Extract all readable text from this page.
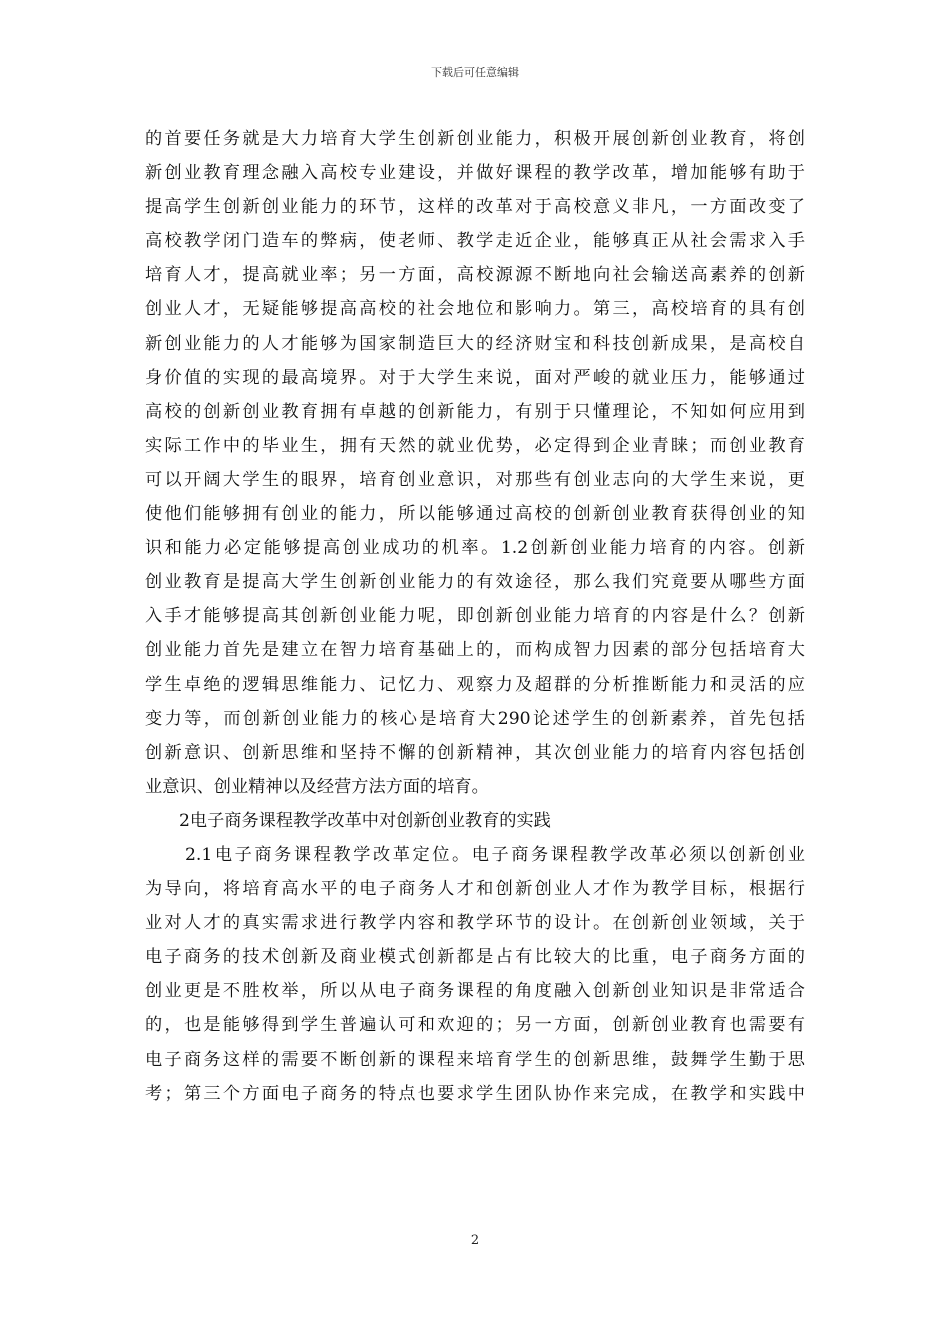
下载后可任意编辑
的首要任务就是大力培育大学生创新创业能力，积极开展创新创业教育，将创
新创业教育理念融入高校专业建设，并做好课程的教学改革，增加能够有助于
提高学生创新创业能力的环节，这样的改革对于高校意义非凡，一方面改变了
高校教学闭门造车的弊病，使老师、教学走近企业，能够真正从社会需求入手
培育人才，提高就业率；另一方面，高校源源不断地向社会输送高素养的创新
创业人才，无疑能够提高高校的社会地位和影响力。第三，高校培育的具有创
新创业能力的人才能够为国家制造巨大的经济财宝和科技创新成果，是高校自
身价值的实现的最高境界。对于大学生来说，面对严峻的就业压力，能够通过
高校的创新创业教育拥有卓越的创新能力，有别于只懂理论，不知如何应用到
实际工作中的毕业生，拥有天然的就业优势，必定得到企业青睐；而创业教育
可以开阔大学生的眼界，培育创业意识，对那些有创业志向的大学生来说，更
使他们能够拥有创业的能力，所以能够通过高校的创新创业教育获得创业的知
识和能力必定能够提高创业成功的机率。1.2创新创业能力培育的内容。创新
创业教育是提高大学生创新创业能力的有效途径，那么我们究竟要从哪些方面
入手才能够提高其创新创业能力呢，即创新创业能力培育的内容是什么？创新
创业能力首先是建立在智力培育基础上的，而构成智力因素的部分包括培育大
学生卓绝的逻辑思维能力、记忆力、观察力及超群的分析推断能力和灵活的应
变力等，而创新创业能力的核心是培育大290论述学生的创新素养，首先包括
创新意识、创新思维和坚持不懈的创新精神，其次创业能力的培育内容包括创
业意识、创业精神以及经营方法方面的培育。
2电子商务课程教学改革中对创新创业教育的实践
2.1电子商务课程教学改革定位。电子商务课程教学改革必须以创新创业
为导向，将培育高水平的电子商务人才和创新创业人才作为教学目标，根据行
业对人才的真实需求进行教学内容和教学环节的设计。在创新创业领域，关于
电子商务的技术创新及商业模式创新都是占有比较大的比重，电子商务方面的
创业更是不胜枚举，所以从电子商务课程的角度融入创新创业知识是非常适合
的，也是能够得到学生普遍认可和欢迎的；另一方面，创新创业教育也需要有
电子商务这样的需要不断创新的课程来培育学生的创新思维，鼓舞学生勤于思
考；第三个方面电子商务的特点也要求学生团队协作来完成，在教学和实践中
2
